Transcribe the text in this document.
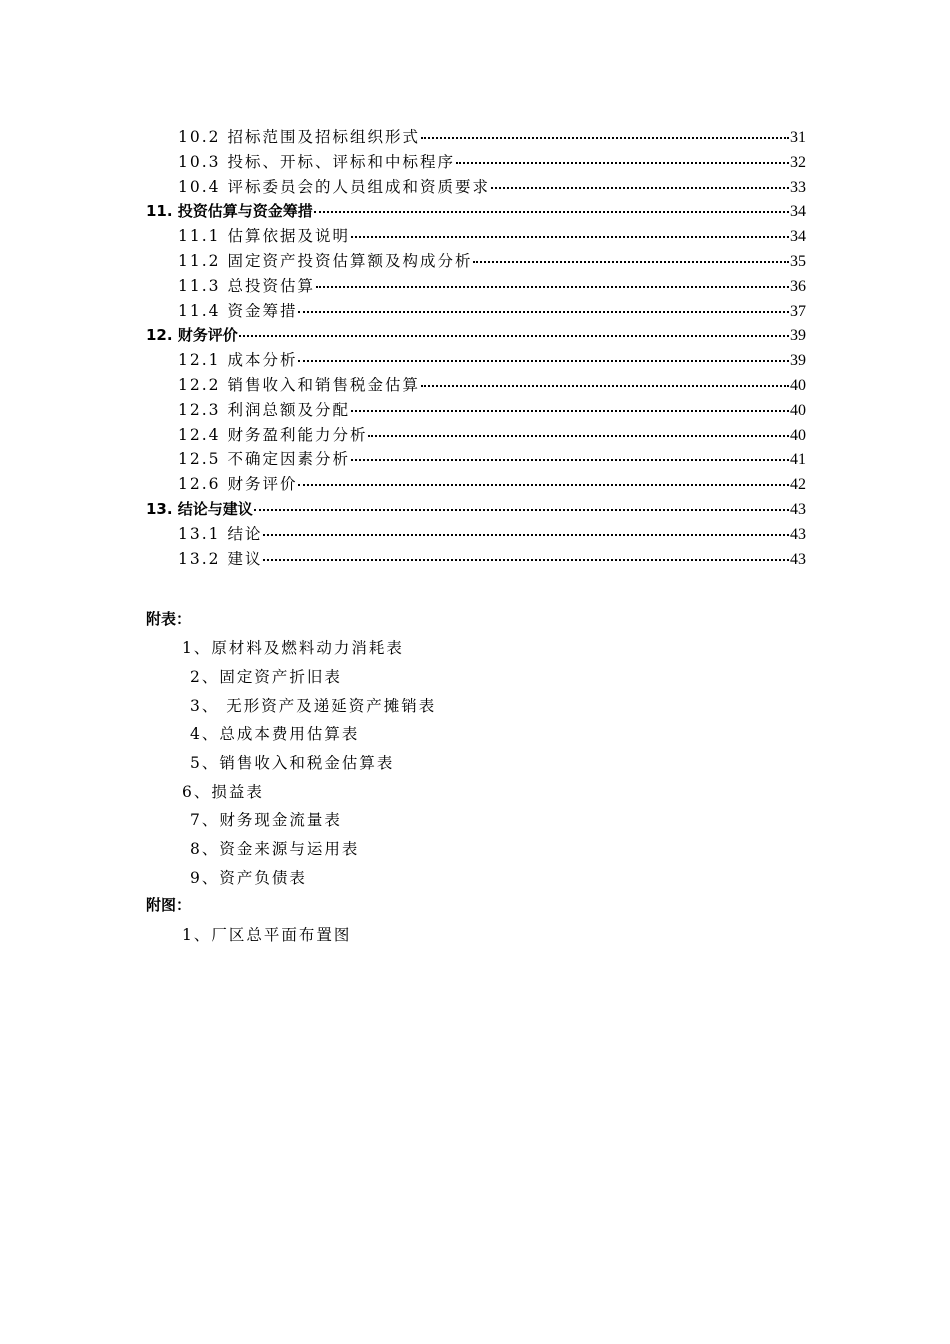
10.2 招标范围及招标组织形式	31
10.3 投标、开标、评标和中标程序	32
10.4 评标委员会的人员组成和资质要求	33
11. 投资估算与资金筹措	34
11.1 估算依据及说明	34
11.2 固定资产投资估算额及构成分析	35
11.3 总投资估算	36
11.4 资金筹措	37
12. 财务评价	39
12.1 成本分析	39
12.2 销售收入和销售税金估算	40
12.3 利润总额及分配	40
12.4 财务盈利能力分析	40
12.5 不确定因素分析	41
12.6 财务评价	42
13. 结论与建议	43
13.1 结论	43
13.2 建议	43
附表：
1、原材料及燃料动力消耗表
2、固定资产折旧表
3、 无形资产及递延资产摊销表
4、总成本费用估算表
5、销售收入和税金估算表
6、损益表
7、财务现金流量表
8、资金来源与运用表
9、资产负债表
附图：
1、厂区总平面布置图
